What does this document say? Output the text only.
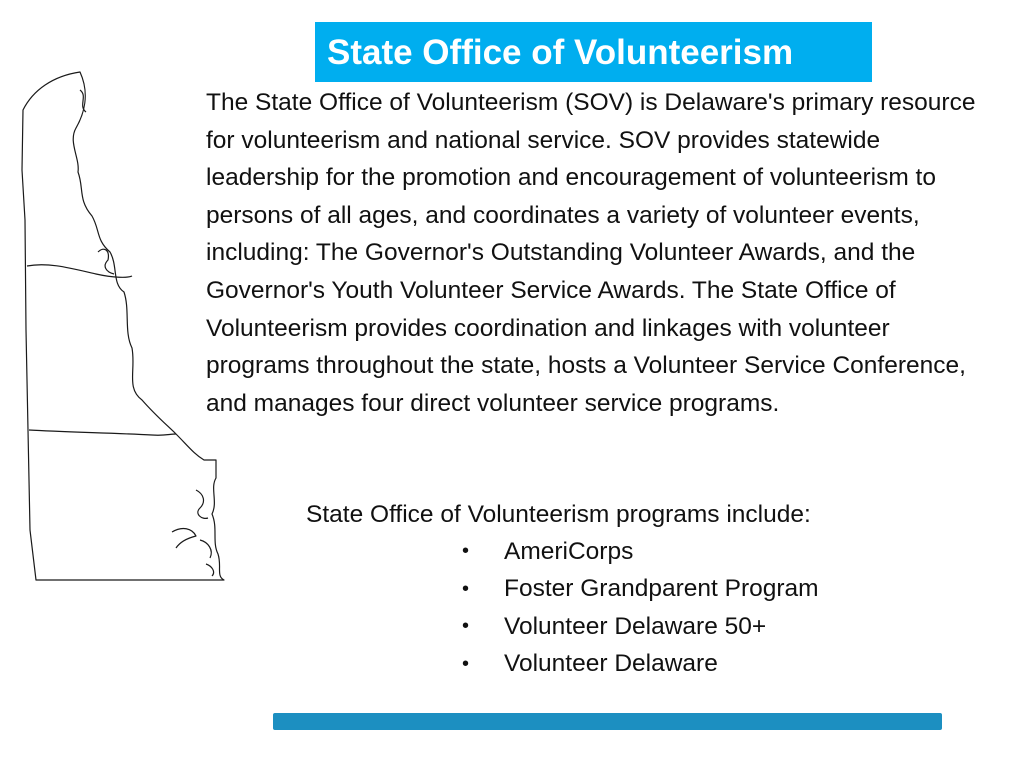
State Office of Volunteerism

The State Office of Volunteerism (SOV) is Delaware's primary resource for volunteerism and national service. SOV provides statewide leadership for the promotion and encouragement of volunteerism to persons of all ages, and coordinates a variety of volunteer events, including: The Governor's Outstanding Volunteer Awards, and the Governor's Youth Volunteer Service Awards. The State Office of Volunteerism provides coordination and linkages with volunteer programs throughout the state, hosts a Volunteer Service Conference, and manages four direct volunteer service programs.

State Office of Volunteerism programs include:

•	AmeriCorps
•	Foster Grandparent Program
•	Volunteer Delaware 50+
•	Volunteer Delaware
